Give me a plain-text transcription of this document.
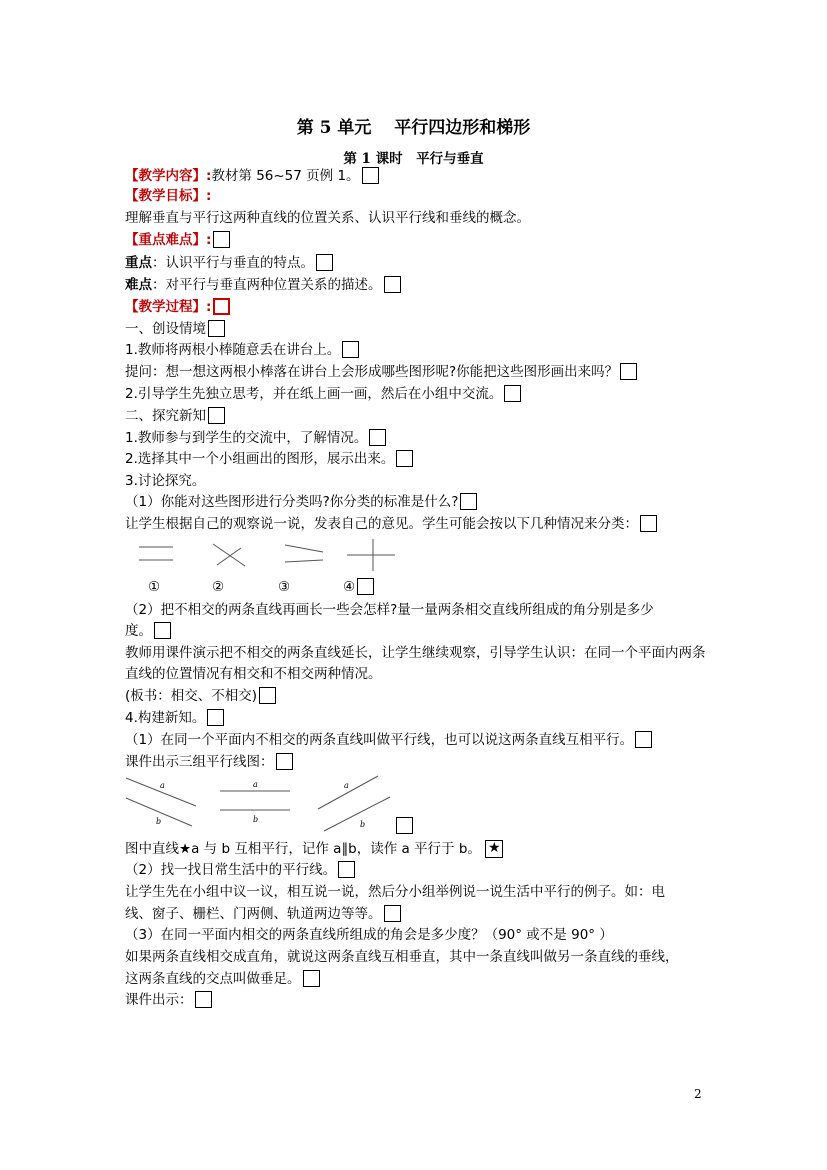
第 5 单元　 平行四边形和梯形
第 1 课时　平行与垂直
【教学内容】:教材第 56~57 页例 1。
【教学目标】:
理解垂直与平行这两种直线的位置关系、认识平行线和垂线的概念。
【重点难点】:
重点：认识平行与垂直的特点。
难点：对平行与垂直两种位置关系的描述。
【教学过程】:
一、创设情境
1.教师将两根小棒随意丢在讲台上。
提问：想一想这两根小棒落在讲台上会形成哪些图形呢?你能把这些图形画出来吗？
2.引导学生先独立思考，并在纸上画一画，然后在小组中交流。
二、探究新知
1.教师参与到学生的交流中，了解情况。
2.选择其中一个小组画出的图形，展示出来。
3.讨论探究。
（1）你能对这些图形进行分类吗?你分类的标准是什么?
让学生根据自己的观察说一说，发表自己的意见。学生可能会按以下几种情况来分类：
①	②	③	④
（2）把不相交的两条直线再画长一些会怎样?量一量两条相交直线所组成的角分别是多少
度。
教师用课件演示把不相交的两条直线延长，让学生继续观察，引导学生认识：在同一个平面内两条
直线的位置情况有相交和不相交两种情况。
(板书：相交、不相交)
4.构建新知。
（1）在同一个平面内不相交的两条直线叫做平行线，也可以说这两条直线互相平行。
课件出示三组平行线图：
a
b
a
b
a
b
图中直线★a 与 b 互相平行，记作 a∥b，读作 a 平行于 b。 ★
（2）找一找日常生活中的平行线。
让学生先在小组中议一议，相互说一说，然后分小组举例说一说生活中平行的例子。如：电
线、窗子、栅栏、门两侧、轨道两边等等。
（3）在同一平面内相交的两条直线所组成的角会是多少度？（90° 或不是 90° ）
如果两条直线相交成直角，就说这两条直线互相垂直，其中一条直线叫做另一条直线的垂线，
这两条直线的交点叫做垂足。
课件出示：
2
